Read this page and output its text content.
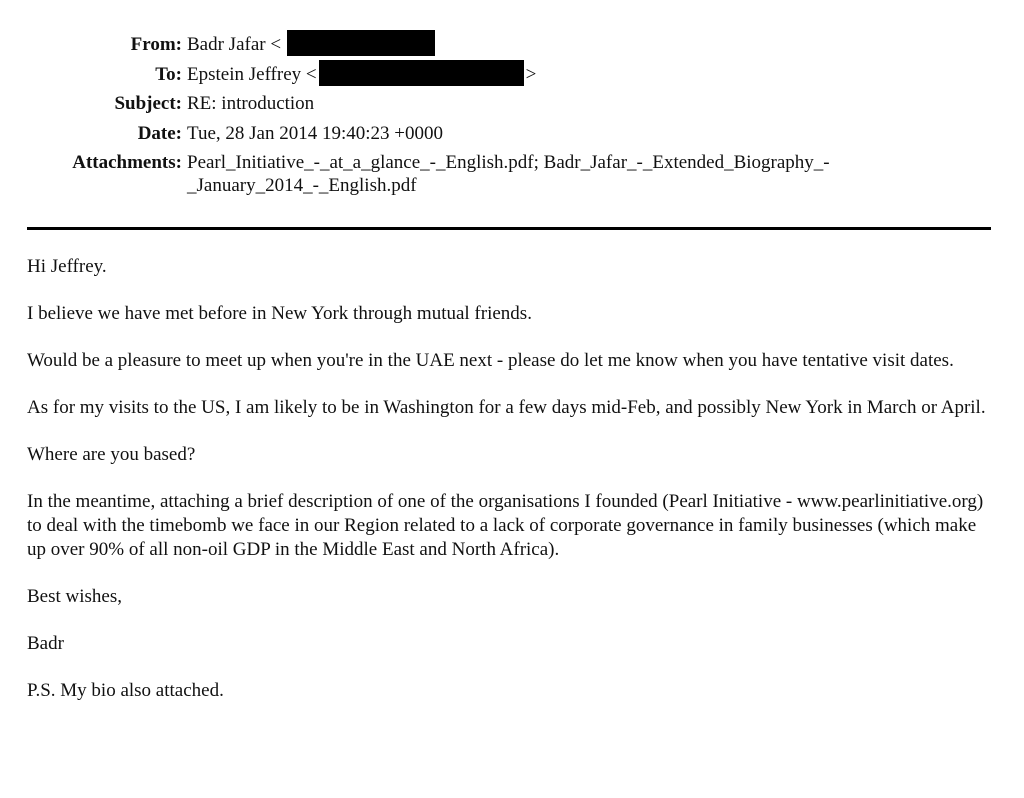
From: Badr Jafar <
To: Epstein Jeffrey <	>
Subject: RE: introduction
Date: Tue, 28 Jan 2014 19:40:23 +0000
Attachments: Pearl_Initiative_-_at_a_glance_-_English.pdf; Badr_Jafar_-_Extended_Biography_-_January_2014_-_English.pdf

Hi Jeffrey.

I believe we have met before in New York through mutual friends.

Would be a pleasure to meet up when you're in the UAE next - please do let me know when you have tentative visit dates.

As for my visits to the US, I am likely to be in Washington for a few days mid-Feb, and possibly New York in March or April.

Where are you based?

In the meantime, attaching a brief description of one of the organisations I founded (Pearl Initiative - www.pearlinitiative.org) to deal with the timebomb we face in our Region related to a lack of corporate governance in family businesses (which make up over 90% of all non-oil GDP in the Middle East and North Africa).

Best wishes,

Badr

P.S. My bio also attached.
